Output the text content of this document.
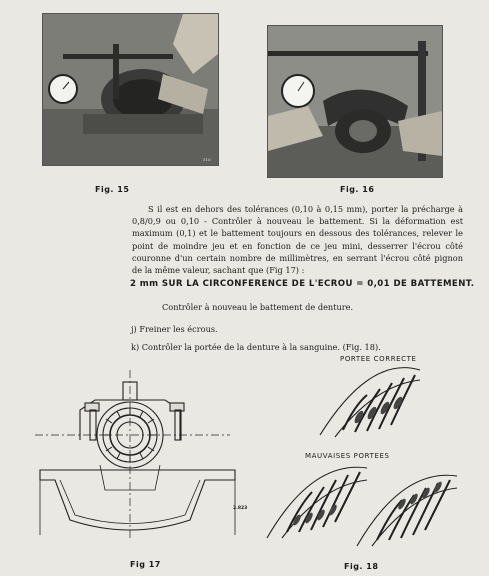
516
Fig. 15	Fig. 16

S il est en dehors des tolérances (0,10 à 0,15 mm), porter la précharge à 0,8/0,9 ou 0,10 - Contrôler à nouveau le battement. Si la déformation est maximum (0,1) et le battement toujours en dessous des tolérances, relever le point de moindre jeu et en fonction de ce jeu mini, desserrer l'écrou côté couronne d'un certain nombre de millimètres, en serrant l'écrou côté pignon de la même valeur, sachant que (Fig 17) :

2 mm SUR LA CIRCONFERENCE DE L'ECROU = 0,01 DE BATTEMENT.
Contrôler à nouveau le battement de denture.
j) Freiner les écrous.
k) Contrôler la portée de la denture à la sanguine. (Fig. 18).
2.823
Fig 17
PORTEE CORRECTE
MAUVAISES PORTEES
Fig. 18
